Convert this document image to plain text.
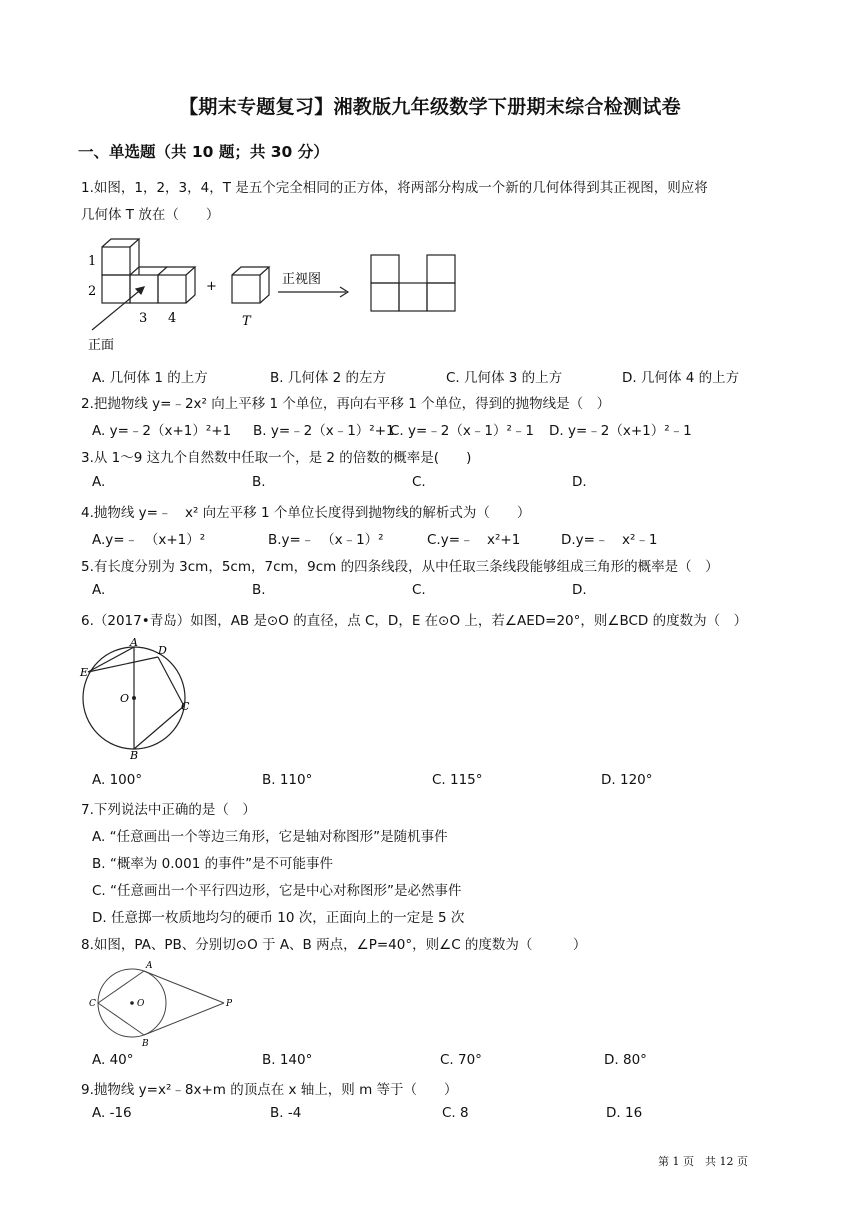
【期末专题复习】湘教版九年级数学下册期末综合检测试卷
一、单选题（共 10 题；共 30 分）
1.如图，1，2，3，4，T 是五个完全相同的正方体，将两部分构成一个新的几何体得到其正视图，则应将
几何体 T 放在（　　）
1
2
3 4
+
T
正视图
正面
A. 几何体 1 的上方	B. 几何体 2 的左方	C. 几何体 3 的上方	D. 几何体 4 的上方
2.把抛物线 y=﹣2x² 向上平移 1 个单位，再向右平移 1 个单位，得到的抛物线是（　）
A. y=﹣2（x+1）²+1 B. y=﹣2（x﹣1）²+1
C. y=﹣2（x﹣1）²﹣1 D. y=﹣2（x+1）²﹣1
3.从 1～9 这九个自然数中任取一个，是 2 的倍数的概率是(　　)
A.	B.	C.	D.
4.抛物线 y=﹣　x² 向左平移 1 个单位长度得到抛物线的解析式为（　　）
A.y=﹣　（x+1）²	B.y=﹣　（x﹣1）²	C.y=﹣　x²+1	D.y=﹣　x²﹣1
5.有长度分别为 3cm，5cm，7cm，9cm 的四条线段，从中任取三条线段能够组成三角形的概率是（　）
A.	B.	C.	D.
6.（2017•青岛）如图，AB 是⊙O 的直径，点 C，D，E 在⊙O 上，若∠AED=20°，则∠BCD 的度数为（　）
A
B
C
D
E
O
A. 100°	B. 110°	C. 115°	D. 120°
7.下列说法中正确的是（　）
A. “任意画出一个等边三角形，它是轴对称图形”是随机事件
B. “概率为 0.001 的事件”是不可能事件
C. “任意画出一个平行四边形，它是中心对称图形”是必然事件
D. 任意掷一枚质地均匀的硬币 10 次，正面向上的一定是 5 次
8.如图，PA、PB、分别切⊙O 于 A、B 两点，∠P=40°，则∠C 的度数为（　　　）
A
B
C	O	P
A. 40°	B. 140°	C. 70°	D. 80°
9.抛物线 y=x²﹣8x+m 的顶点在 x 轴上，则 m 等于（　　）
A. -16	B. -4	C. 8	D. 16
第 1 页　共 12 页
